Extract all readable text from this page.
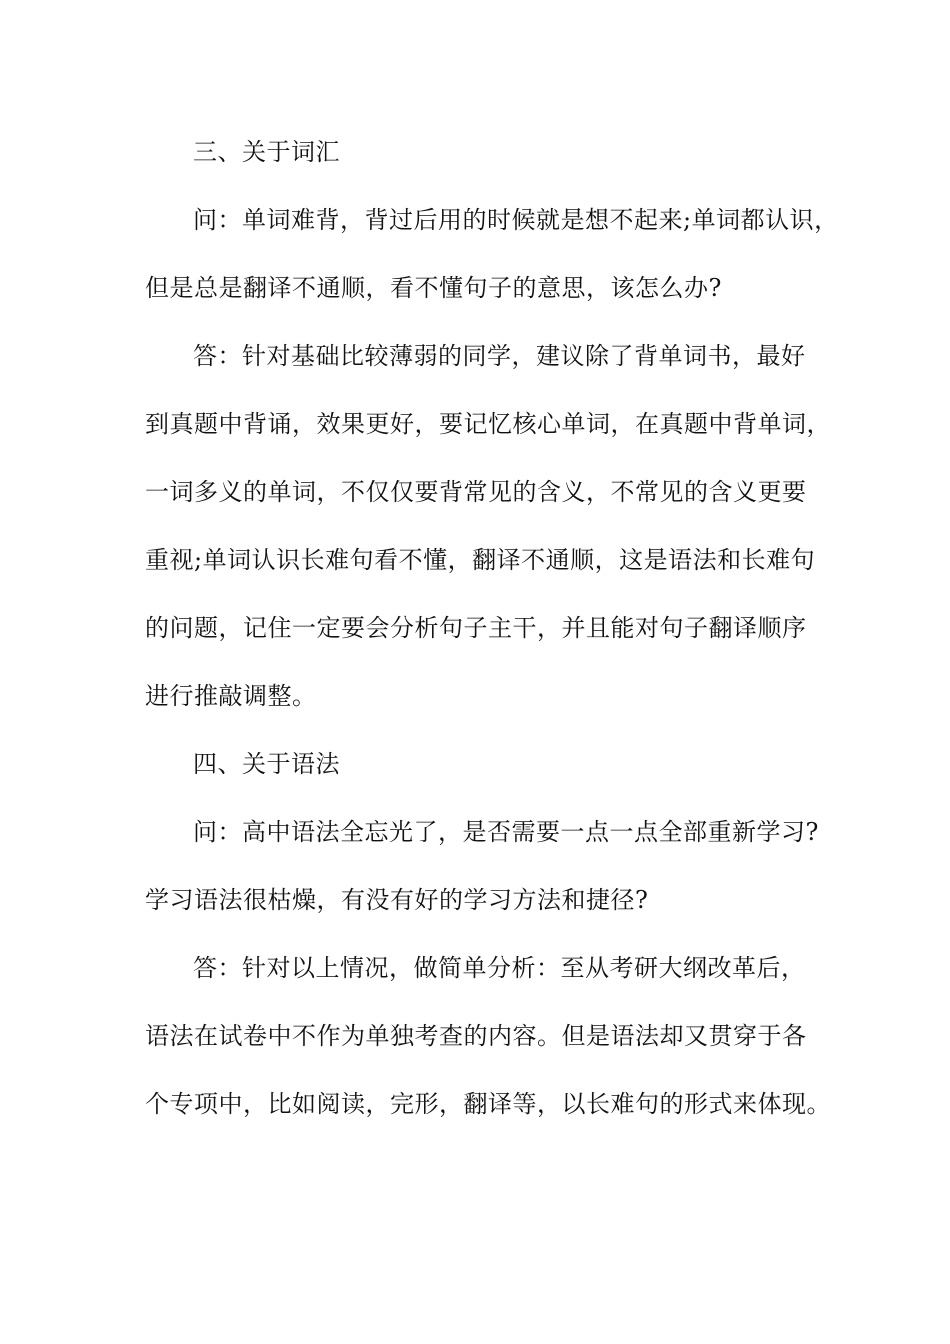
三、关于词汇
问：单词难背，背过后用的时候就是想不起来;单词都认识，
但是总是翻译不通顺，看不懂句子的意思，该怎么办?
答：针对基础比较薄弱的同学，建议除了背单词书，最好
到真题中背诵，效果更好，要记忆核心单词，在真题中背单词，
一词多义的单词，不仅仅要背常见的含义，不常见的含义更要
重视;单词认识长难句看不懂，翻译不通顺，这是语法和长难句
的问题，记住一定要会分析句子主干，并且能对句子翻译顺序
进行推敲调整。
四、关于语法
问：高中语法全忘光了，是否需要一点一点全部重新学习?
学习语法很枯燥，有没有好的学习方法和捷径?
答：针对以上情况，做简单分析：至从考研大纲改革后，
语法在试卷中不作为单独考查的内容。但是语法却又贯穿于各
个专项中，比如阅读，完形，翻译等，以长难句的形式来体现。
